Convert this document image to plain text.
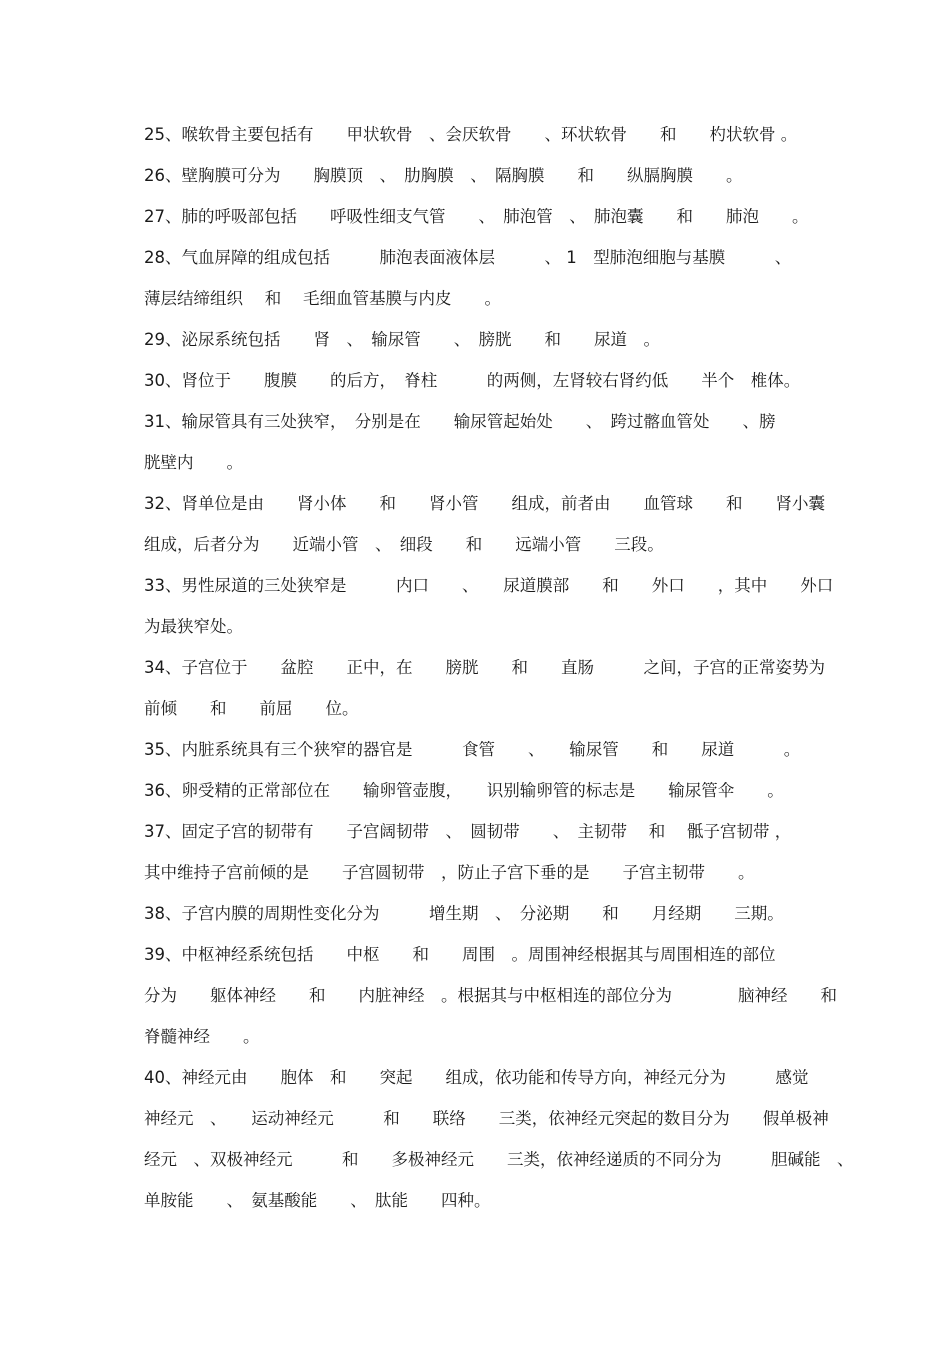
25、喉软骨主要包括有　　甲状软骨　、会厌软骨　　、环状软骨　　和　　杓状软骨 。
26、壁胸膜可分为　　胸膜顶　、　肋胸膜　、　隔胸膜　　和　　纵膈胸膜　　。
27、肺的呼吸部包括　　呼吸性细支气管　　、　肺泡管　、　肺泡囊　　和　　肺泡　　。
28、气血屏障的组成包括　　　肺泡表面液体层　　　、 1　型肺泡细胞与基膜　　　、
薄层结缔组织　 和　 毛细血管基膜与内皮　　。
29、泌尿系统包括　　肾　、　输尿管　　、　膀胱　　和　　尿道　。
30、肾位于　　腹膜　　的后方，　脊柱　　　的两侧，左肾较右肾约低　　半个　椎体。
31、输尿管具有三处狭窄，　分别是在　　输尿管起始处　　、　跨过髂血管处　　、膀
胱壁内　　。
32、肾单位是由　　肾小体　　和　　肾小管　　组成，前者由　　血管球　　和　　肾小囊
组成，后者分为　　近端小管　、　细段　　和　　远端小管　　三段。
33、男性尿道的三处狭窄是　　　内口　　、　　尿道膜部　　和　　外口　　，其中　　外口
为最狭窄处。
34、子宫位于　　盆腔　　正中，在　　膀胱　　和　　直肠　　　之间，子宫的正常姿势为
前倾　　和　　前屈　　位。
35、内脏系统具有三个狭窄的器官是　　　食管　　、　　输尿管　　和　　尿道　　　。
36、卵受精的正常部位在　　输卵管壶腹，　　识别输卵管的标志是　　输尿管伞　　。
37、固定子宫的韧带有　　子宫阔韧带　、　圆韧带　　、　主韧带　 和　 骶子宫韧带 ，
其中维持子宫前倾的是　　子宫圆韧带　，防止子宫下垂的是　　子宫主韧带　　。
38、子宫内膜的周期性变化分为　　　增生期　、　分泌期　　和　　月经期　　三期。
39、中枢神经系统包括　　中枢　　和　　周围　。周围神经根据其与周围相连的部位
分为　　躯体神经　　和　　内脏神经　。根据其与中枢相连的部位分为　　　　脑神经　　和
脊髓神经　　。
40、神经元由　　胞体　和　　突起　　组成，依功能和传导方向，神经元分为　　　感觉
神经元　、　　运动神经元　　　和　　联络　　三类，依神经元突起的数目分为　　假单极神
经元　、双极神经元　　　和　　多极神经元　　三类，依神经递质的不同分为　　　胆碱能　、
单胺能　　、　氨基酸能　　、　肽能　　四种。
